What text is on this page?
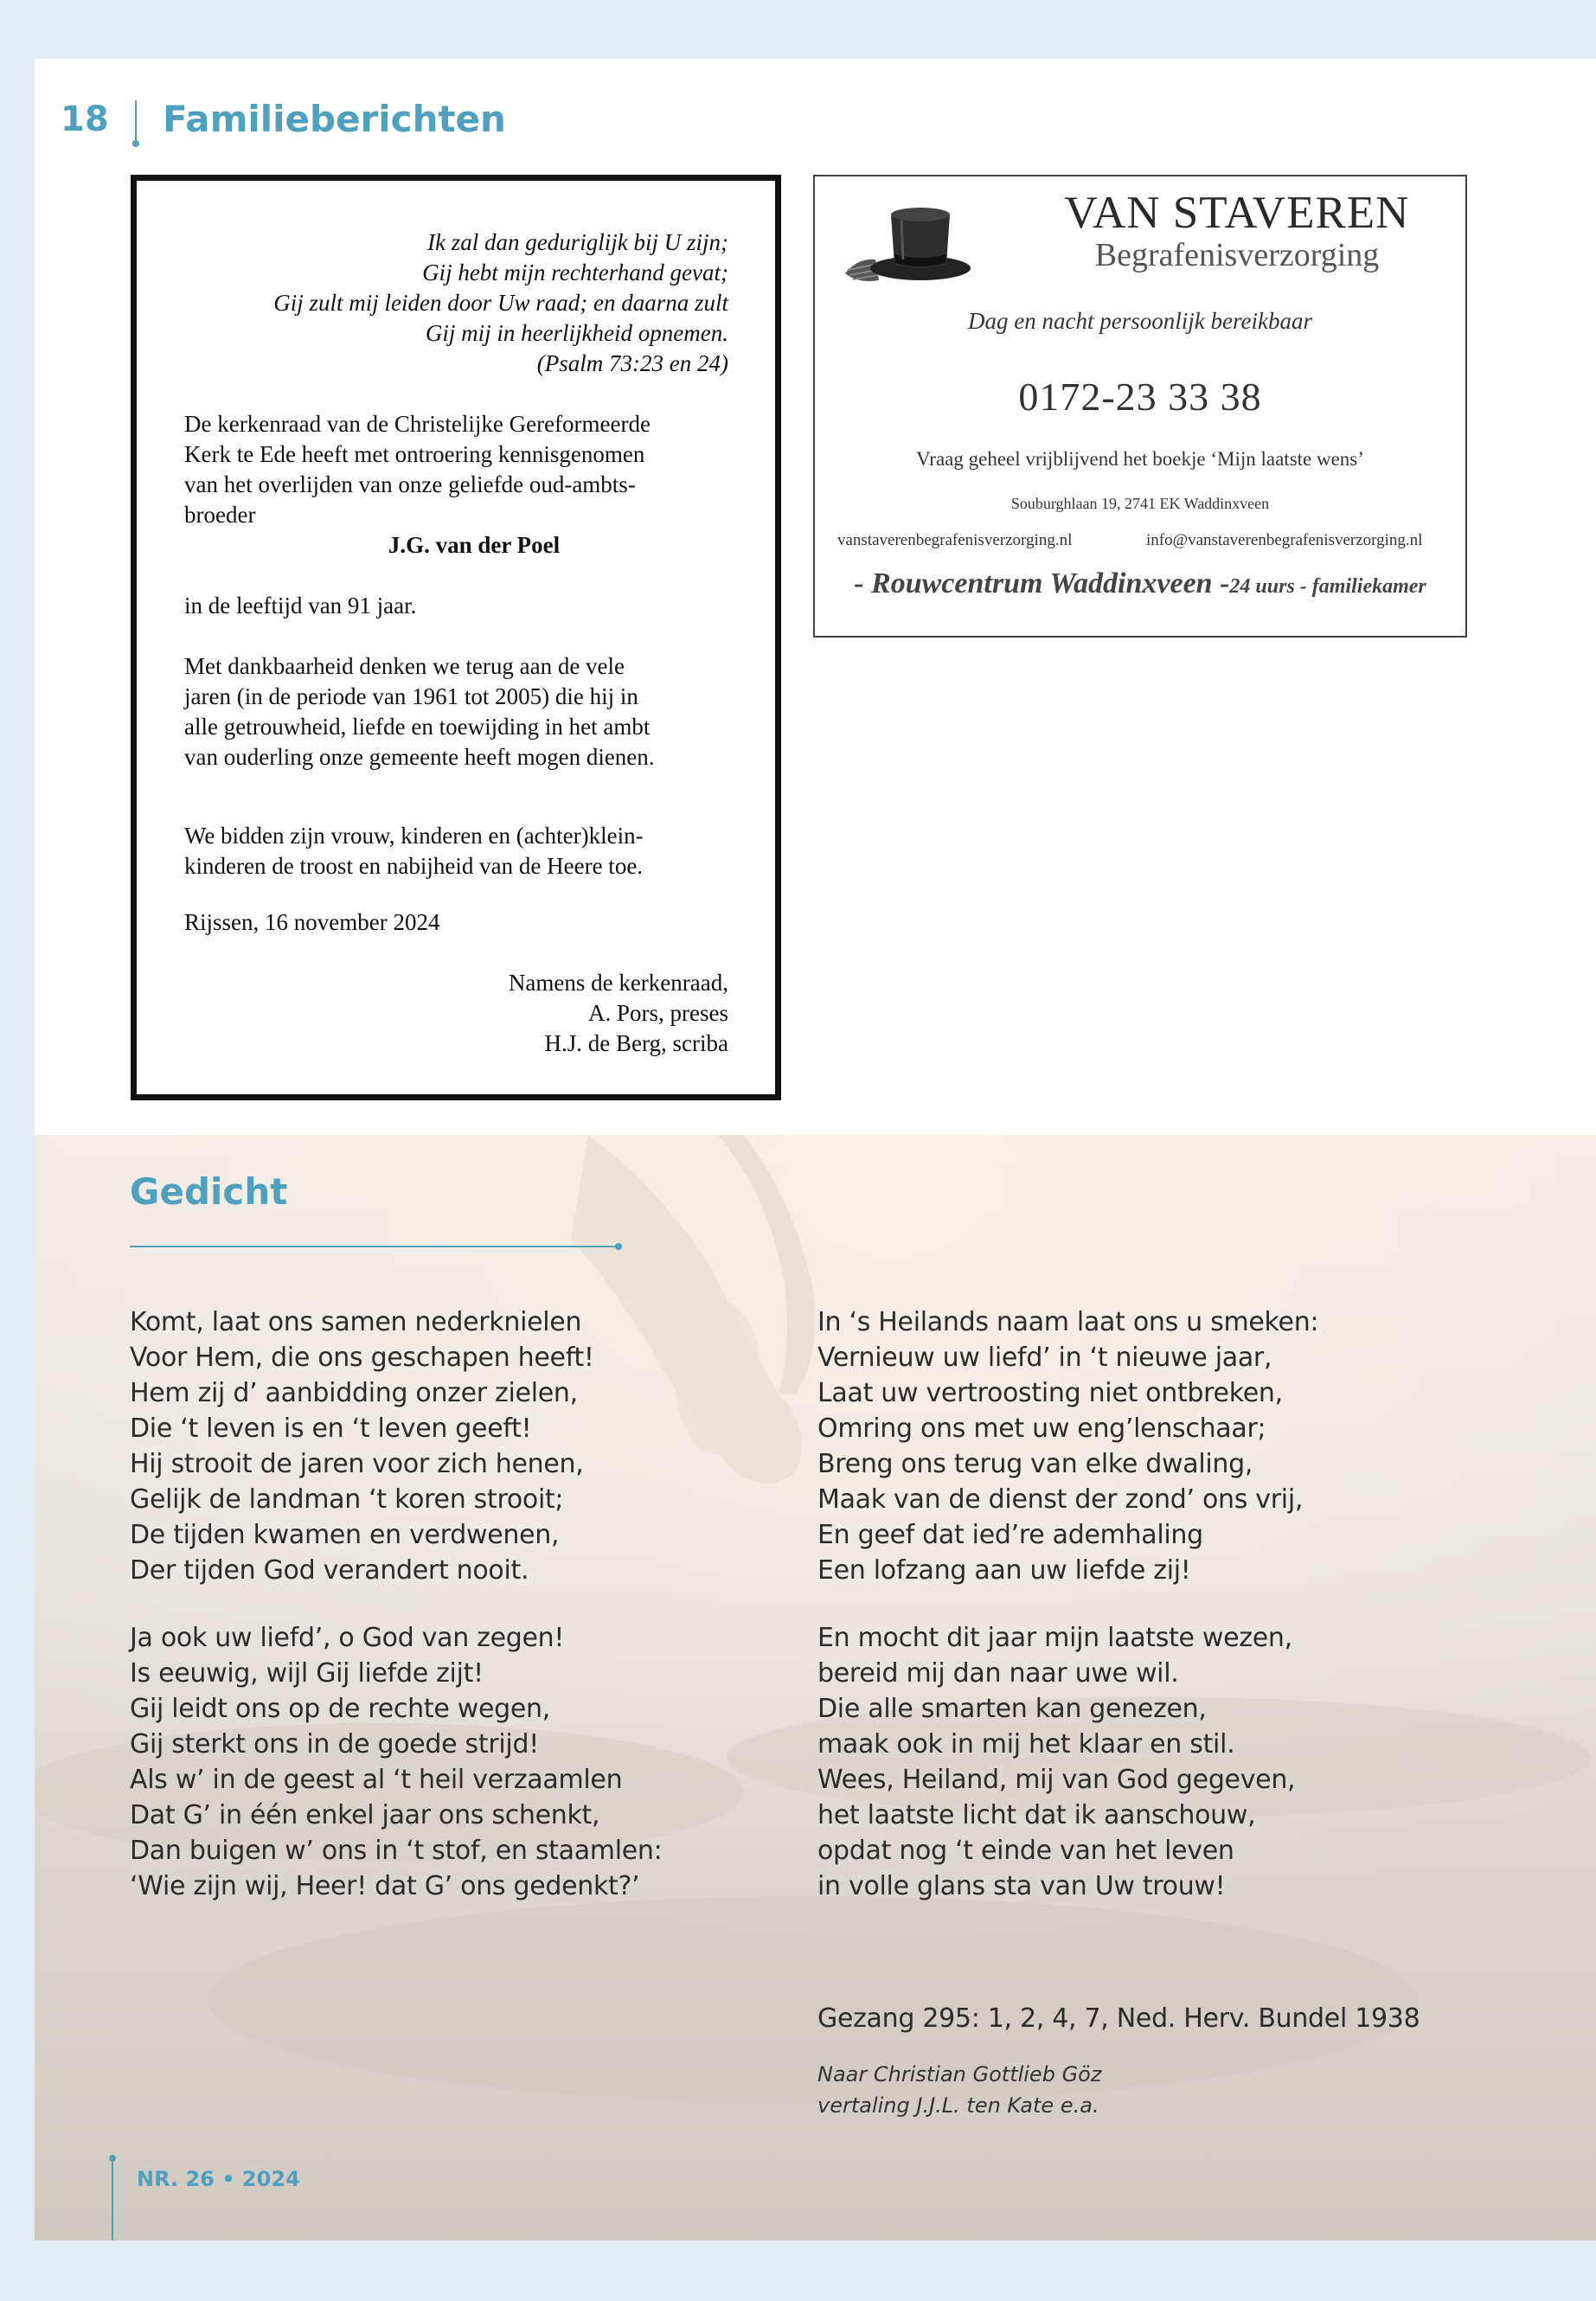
18 Familieberichten
Ik zal dan geduriglijk bij U zijn;
Gij hebt mijn rechterhand gevat;
Gij zult mij leiden door Uw raad; en daarna zult
Gij mij in heerlijkheid opnemen.
(Psalm 73:23 en 24)
De kerkenraad van de Christelijke Gereformeerde
Kerk te Ede heeft met ontroering kennisgenomen
van het overlijden van onze geliefde oud-ambts-
broeder
J.G. van der Poel
in de leeftijd van 91 jaar.
Met dankbaarheid denken we terug aan de vele
jaren (in de periode van 1961 tot 2005) die hij in
alle getrouwheid, liefde en toewijding in het ambt
van ouderling onze gemeente heeft mogen dienen.
We bidden zijn vrouw, kinderen en (achter)klein-
kinderen de troost en nabijheid van de Heere toe.
Rijssen, 16 november 2024
Namens de kerkenraad,
A. Pors, preses
H.J. de Berg, scriba
VAN STAVEREN
Begrafenisverzorging
Dag en nacht persoonlijk bereikbaar
0172-23 33 38
Vraag geheel vrijblijvend het boekje ‘Mijn laatste wens’
Souburghlaan 19, 2741 EK Waddinxveen
vanstaverenbegrafenisverzorging.nl	info@vanstaverenbegrafenisverzorging.nl
- Rouwcentrum Waddinxveen -24 uurs - familiekamer
Gedicht
Komt, laat ons samen nederknielen
Voor Hem, die ons geschapen heeft!
Hem zij d’ aanbidding onzer zielen,
Die ‘t leven is en ‘t leven geeft!
Hij strooit de jaren voor zich henen,
Gelijk de landman ‘t koren strooit;
De tijden kwamen en verdwenen,
Der tijden God verandert nooit.
Ja ook uw liefd’, o God van zegen!
Is eeuwig, wijl Gij liefde zijt!
Gij leidt ons op de rechte wegen,
Gij sterkt ons in de goede strijd!
Als w’ in de geest al ‘t heil verzaamlen
Dat G’ in één enkel jaar ons schenkt,
Dan buigen w’ ons in ‘t stof, en staamlen:
‘Wie zijn wij, Heer! dat G’ ons gedenkt?’
In ‘s Heilands naam laat ons u smeken:
Vernieuw uw liefd’ in ‘t nieuwe jaar,
Laat uw vertroosting niet ontbreken,
Omring ons met uw eng’lenschaar;
Breng ons terug van elke dwaling,
Maak van de dienst der zond’ ons vrij,
En geef dat ied’re ademhaling
Een lofzang aan uw liefde zij!
En mocht dit jaar mijn laatste wezen,
bereid mij dan naar uwe wil.
Die alle smarten kan genezen,
maak ook in mij het klaar en stil.
Wees, Heiland, mij van God gegeven,
het laatste licht dat ik aanschouw,
opdat nog ‘t einde van het leven
in volle glans sta van Uw trouw!
Gezang 295: 1, 2, 4, 7, Ned. Herv. Bundel 1938
Naar Christian Gottlieb Göz
vertaling J.J.L. ten Kate e.a.
NR. 26 • 2024
